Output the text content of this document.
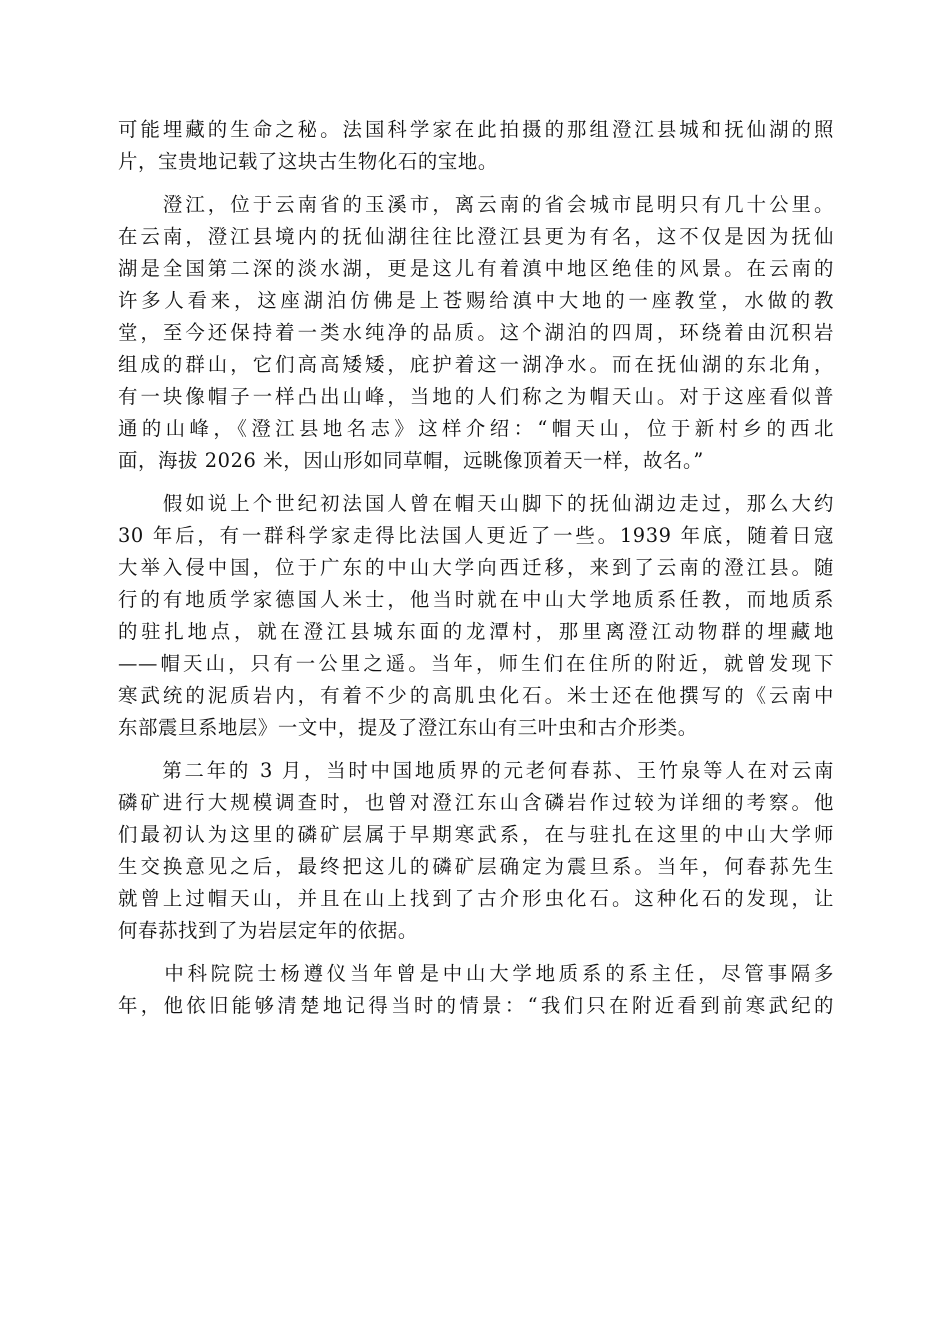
可能埋藏的生命之秘。法国科学家在此拍摄的那组澄江县城和抚仙湖的照
片，宝贵地记载了这块古生物化石的宝地。

　　澄江，位于云南省的玉溪市，离云南的省会城市昆明只有几十公里。
在云南，澄江县境内的抚仙湖往往比澄江县更为有名，这不仅是因为抚仙
湖是全国第二深的淡水湖，更是这儿有着滇中地区绝佳的风景。在云南的
许多人看来，这座湖泊仿佛是上苍赐给滇中大地的一座教堂，水做的教
堂，至今还保持着一类水纯净的品质。这个湖泊的四周，环绕着由沉积岩
组成的群山，它们高高矮矮，庇护着这一湖净水。而在抚仙湖的东北角，
有一块像帽子一样凸出山峰，当地的人们称之为帽天山。对于这座看似普
通的山峰，《澄江县地名志》这样介绍：“帽天山，位于新村乡的西北
面，海拔 2026 米，因山形如同草帽，远眺像顶着天一样，故名。”

　　假如说上个世纪初法国人曾在帽天山脚下的抚仙湖边走过，那么大约
30 年后，有一群科学家走得比法国人更近了一些。1939 年底，随着日寇
大举入侵中国，位于广东的中山大学向西迁移，来到了云南的澄江县。随
行的有地质学家德国人米士，他当时就在中山大学地质系任教，而地质系
的驻扎地点，就在澄江县城东面的龙潭村，那里离澄江动物群的埋藏地
——帽天山，只有一公里之遥。当年，师生们在住所的附近，就曾发现下
寒武统的泥质岩内，有着不少的高肌虫化石。米士还在他撰写的《云南中
东部震旦系地层》一文中，提及了澄江东山有三叶虫和古介形类。

　　第二年的 3 月，当时中国地质界的元老何春荪、王竹泉等人在对云南
磷矿进行大规模调查时，也曾对澄江东山含磷岩作过较为详细的考察。他
们最初认为这里的磷矿层属于早期寒武系，在与驻扎在这里的中山大学师
生交换意见之后，最终把这儿的磷矿层确定为震旦系。当年，何春荪先生
就曾上过帽天山，并且在山上找到了古介形虫化石。这种化石的发现，让
何春荪找到了为岩层定年的依据。

　　中科院院士杨遵仪当年曾是中山大学地质系的系主任，尽管事隔多
年，他依旧能够清楚地记得当时的情景：“我们只在附近看到前寒武纪的
